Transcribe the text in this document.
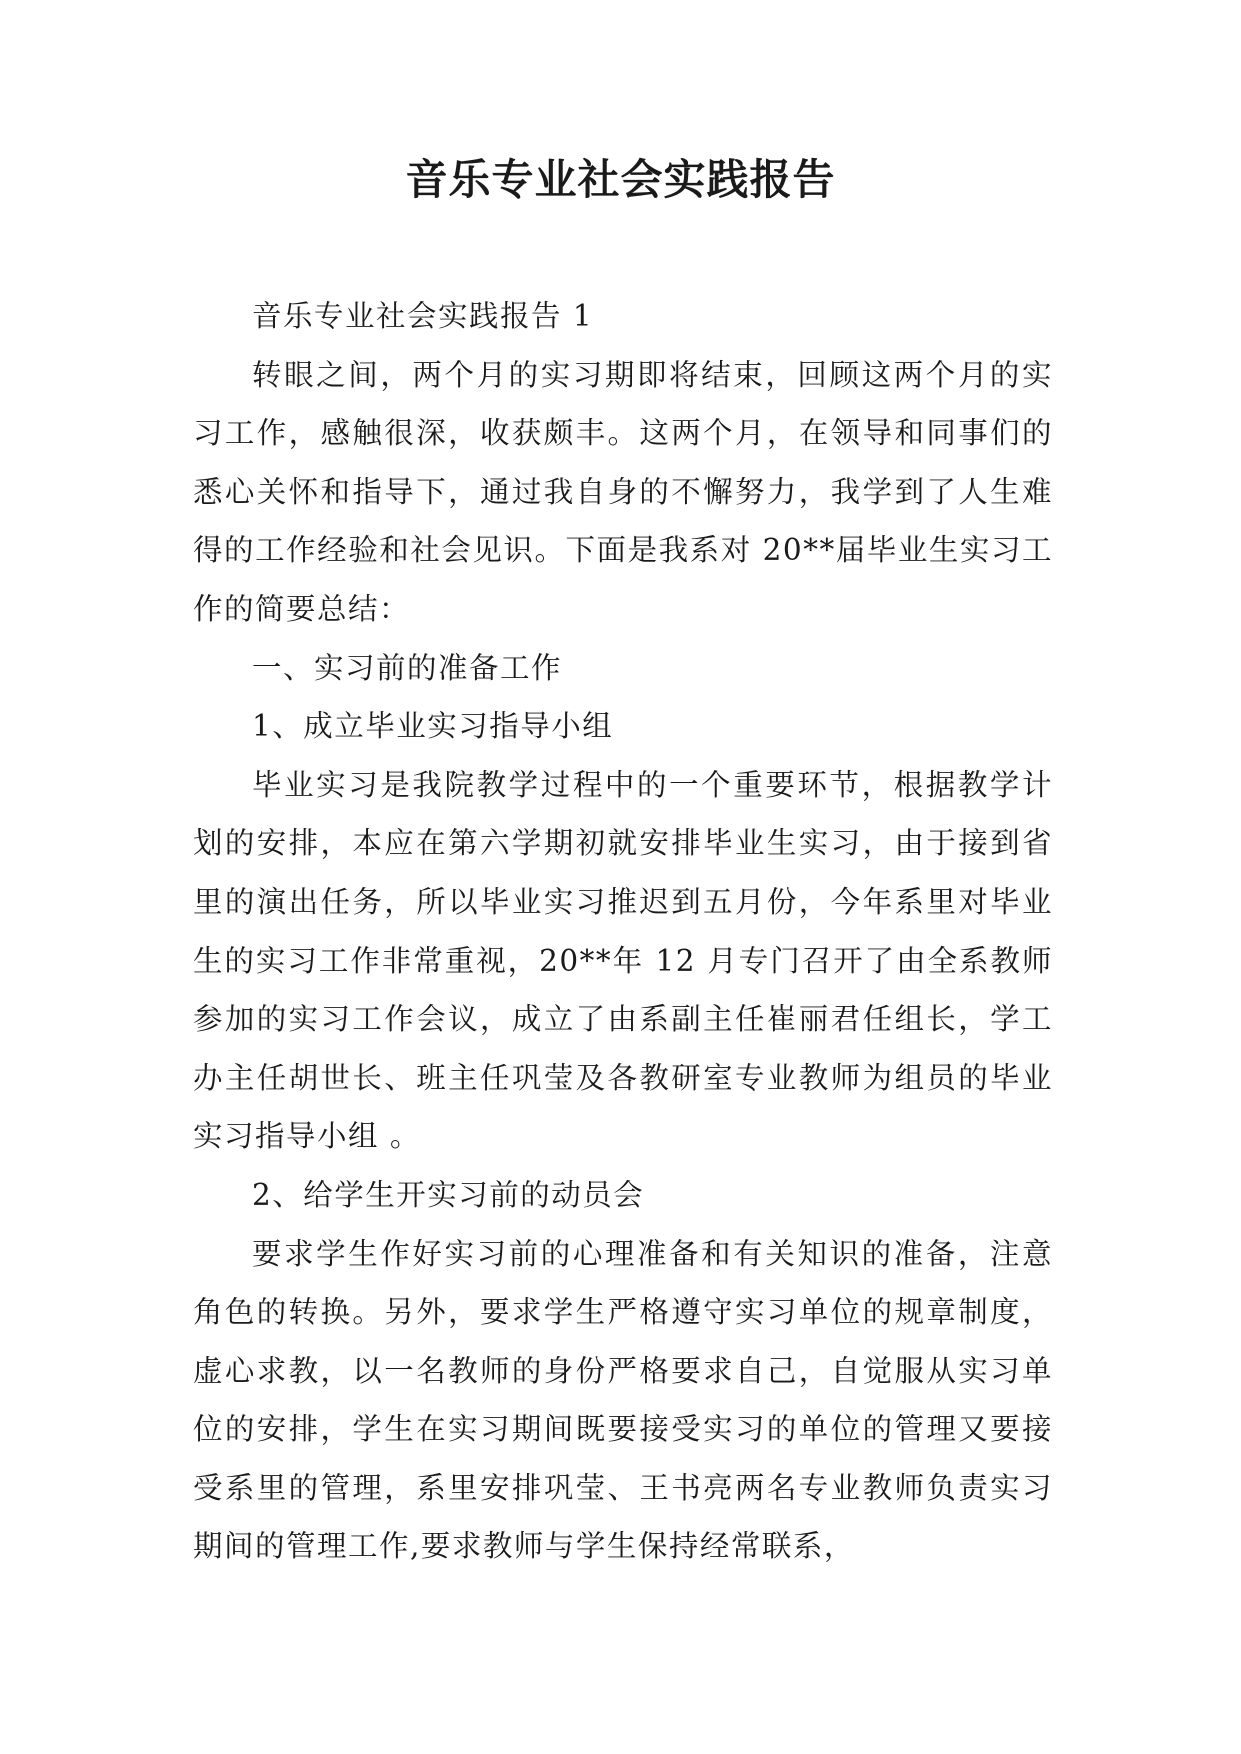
音乐专业社会实践报告

音乐专业社会实践报告 1

转眼之间，两个月的实习期即将结束，回顾这两个月的实习工作，感触很深，收获颇丰。这两个月，在领导和同事们的悉心关怀和指导下，通过我自身的不懈努力，我学到了人生难得的工作经验和社会见识。下面是我系对 20**届毕业生实习工作的简要总结：

一、实习前的准备工作

1、成立毕业实习指导小组

毕业实习是我院教学过程中的一个重要环节，根据教学计划的安排，本应在第六学期初就安排毕业生实习，由于接到省里的演出任务，所以毕业实习推迟到五月份，今年系里对毕业生的实习工作非常重视，20**年 12 月专门召开了由全系教师参加的实习工作会议，成立了由系副主任崔丽君任组长，学工办主任胡世长、班主任巩莹及各教研室专业教师为组员的毕业实习指导小组 。

2、给学生开实习前的动员会

要求学生作好实习前的心理准备和有关知识的准备，注意角色的转换。另外，要求学生严格遵守实习单位的规章制度，虚心求教，以一名教师的身份严格要求自己，自觉服从实习单位的安排，学生在实习期间既要接受实习的单位的管理又要接受系里的管理，系里安排巩莹、王书亮两名专业教师负责实习期间的管理工作,要求教师与学生保持经常联系，
